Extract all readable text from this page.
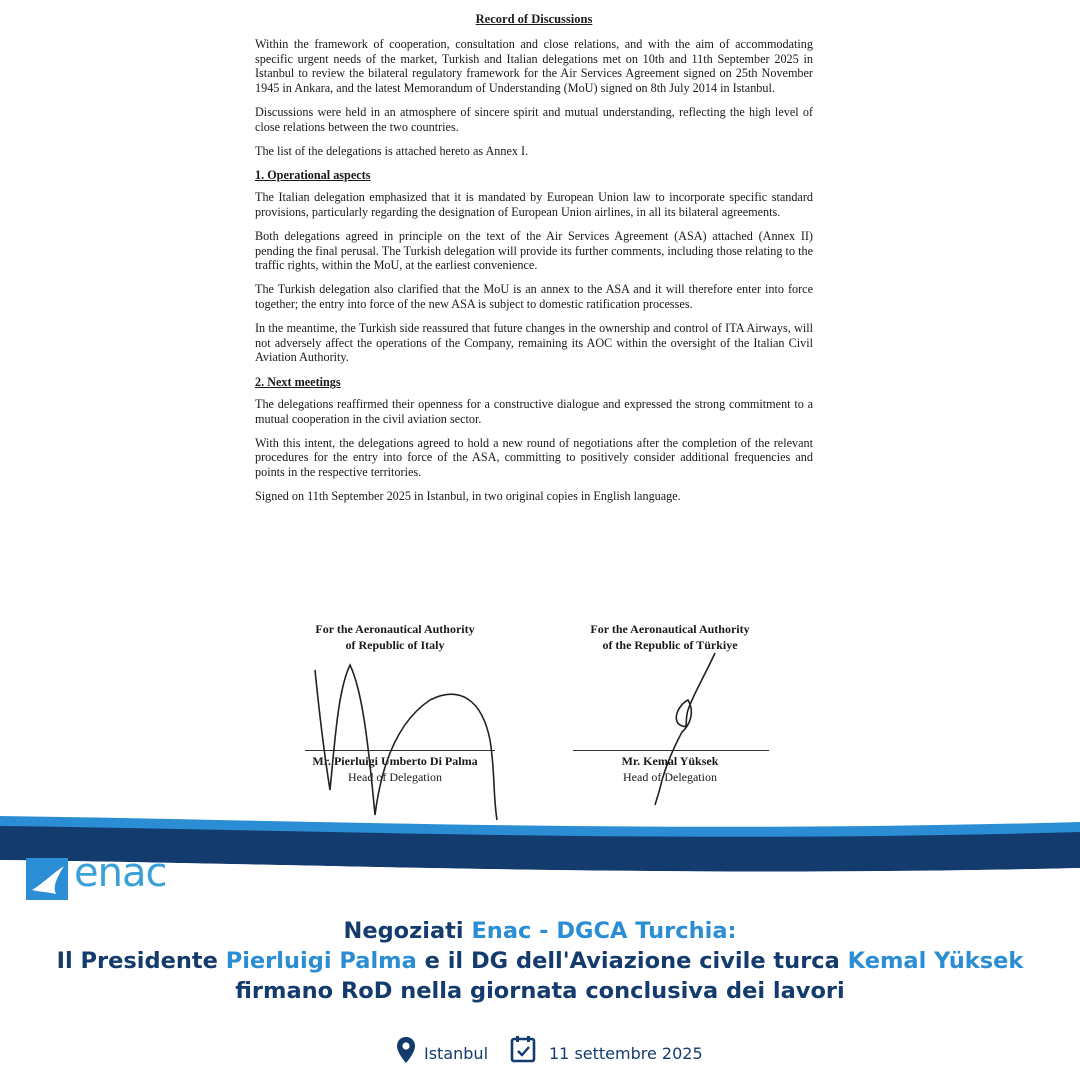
Record of Discussions

Within the framework of cooperation, consultation and close relations, and with the aim of accommodating specific urgent needs of the market, Turkish and Italian delegations met on 10th and 11th September 2025 in Istanbul to review the bilateral regulatory framework for the Air Services Agreement signed on 25th November 1945 in Ankara, and the latest Memorandum of Understanding (MoU) signed on 8th July 2014 in Istanbul.

Discussions were held in an atmosphere of sincere spirit and mutual understanding, reflecting the high level of close relations between the two countries.

The list of the delegations is attached hereto as Annex I.

1. Operational aspects

The Italian delegation emphasized that it is mandated by European Union law to incorporate specific standard provisions, particularly regarding the designation of European Union airlines, in all its bilateral agreements.

Both delegations agreed in principle on the text of the Air Services Agreement (ASA) attached (Annex II) pending the final perusal. The Turkish delegation will provide its further comments, including those relating to the traffic rights, within the MoU, at the earliest convenience.

The Turkish delegation also clarified that the MoU is an annex to the ASA and it will therefore enter into force together; the entry into force of the new ASA is subject to domestic ratification processes.

In the meantime, the Turkish side reassured that future changes in the ownership and control of ITA Airways, will not adversely affect the operations of the Company, remaining its AOC within the oversight of the Italian Civil Aviation Authority.

2. Next meetings

The delegations reaffirmed their openness for a constructive dialogue and expressed the strong commitment to a mutual cooperation in the civil aviation sector.

With this intent, the delegations agreed to hold a new round of negotiations after the completion of the relevant procedures for the entry into force of the ASA, committing to positively consider additional frequencies and points in the respective territories.

Signed on 11th September 2025 in Istanbul, in two original copies in English language.

For the Aeronautical Authority
of Republic of Italy
Mr. Pierluigi Umberto Di Palma
Head of Delegation
For the Aeronautical Authority
of the Republic of Türkiye
Mr. Kemal Yüksek
Head of Delegation
enac
Negoziati Enac - DGCA Turchia:
Il Presidente Pierluigi Palma e il DG dell'Aviazione civile turca Kemal Yüksek
firmano RoD nella giornata conclusiva dei lavori
Istanbul	11 settembre 2025
